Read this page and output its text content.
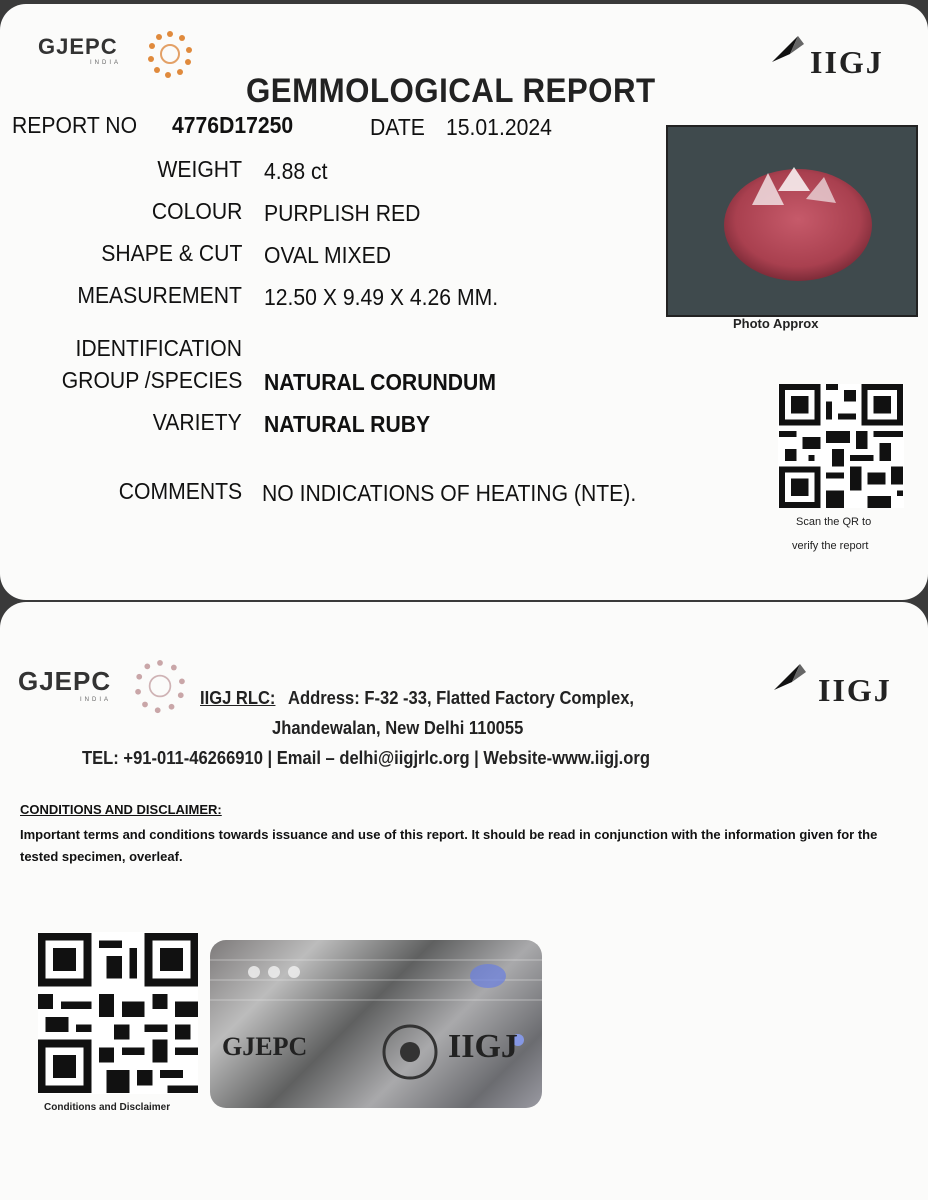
GJEPC
INDIA	IIGJ
GEMMOLOGICAL REPORT
REPORT NO 4776D17250	DATE 15.01.2024
WEIGHT 4.88 ct
COLOUR PURPLISH RED
SHAPE & CUT OVAL MIXED
MEASUREMENT 12.50 X 9.49 X 4.26 MM.
IDENTIFICATION
GROUP /SPECIES NATURAL CORUNDUM
VARIETY NATURAL RUBY
COMMENTS NO INDICATIONS OF HEATING (NTE).
Photo Approx
Scan the QR to
verify the report
GJEPC
INDIA	IIGJ
IIGJ RLC: Address: F-32 -33, Flatted Factory Complex,
Jhandewalan, New Delhi 110055
TEL: +91-011-46266910 | Email – delhi@iigjrlc.org | Website-www.iigj.org
CONDITIONS AND DISCLAIMER:
Important terms and conditions towards issuance and use of this report. It should be read in conjunction with the information given for the tested specimen, overleaf.
Conditions and Disclaimer
GJEPC	IIGJ
